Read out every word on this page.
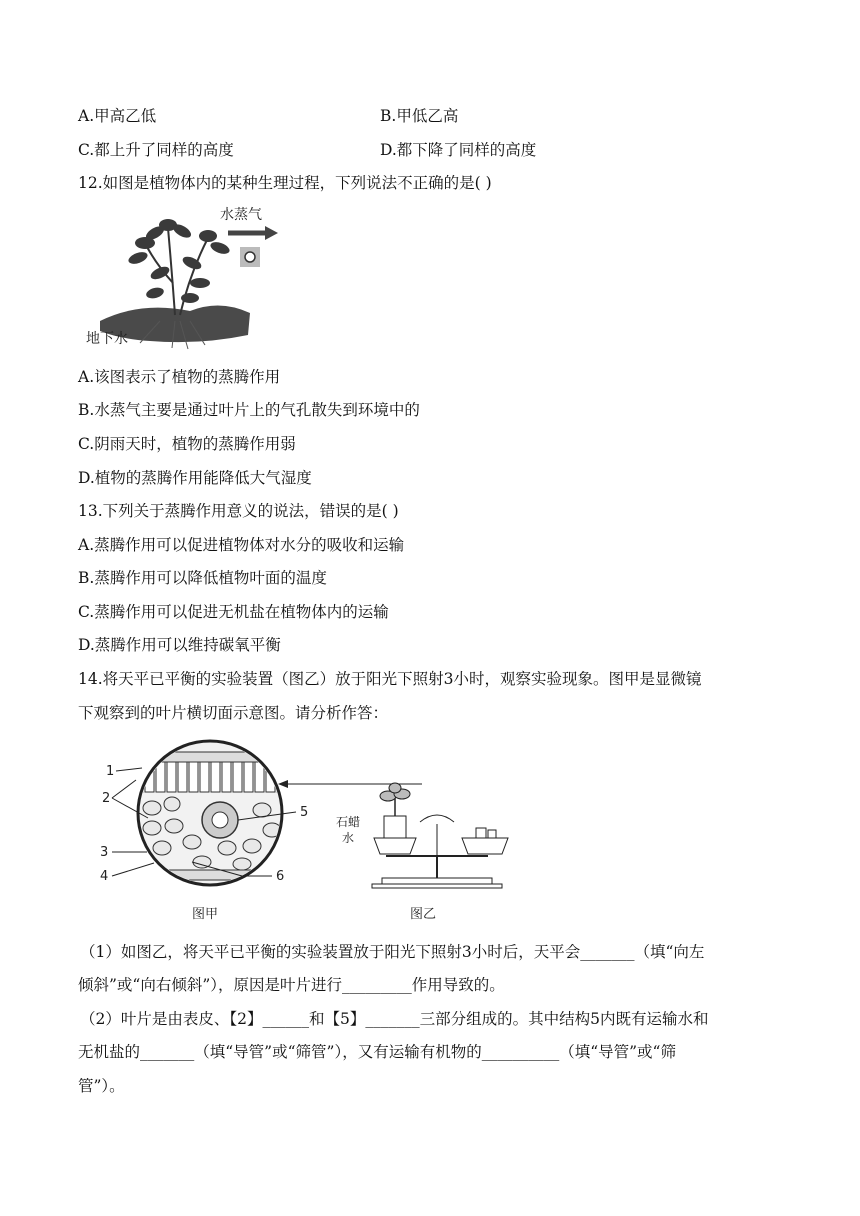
A.甲高乙低	B.甲低乙高
C.都上升了同样的高度	D.都下降了同样的高度
12.如图是植物体内的某种生理过程，下列说法不正确的是( )
水蒸气
地下水
A.该图表示了植物的蒸腾作用
B.水蒸气主要是通过叶片上的气孔散失到环境中的
C.阴雨天时，植物的蒸腾作用弱
D.植物的蒸腾作用能降低大气湿度
13.下列关于蒸腾作用意义的说法，错误的是( )
A.蒸腾作用可以促进植物体对水分的吸收和运输
B.蒸腾作用可以降低植物叶面的温度
C.蒸腾作用可以促进无机盐在植物体内的运输
D.蒸腾作用可以维持碳氧平衡
14.将天平已平衡的实验装置（图乙）放于阳光下照射3小时，观察实验现象。图甲是显微镜
下观察到的叶片横切面示意图。请分析作答：
1
2
3
4
5
6
图甲
石蜡
水
图乙
（1）如图乙，将天平已平衡的实验装置放于阳光下照射3小时后，天平会_______（填“向左
倾斜”或“向右倾斜”），原因是叶片进行_________作用导致的。
（2）叶片是由表皮、【2】______和【5】_______三部分组成的。其中结构5内既有运输水和
无机盐的_______（填“导管”或“筛管”），又有运输有机物的__________（填“导管”或“筛
管”）。
